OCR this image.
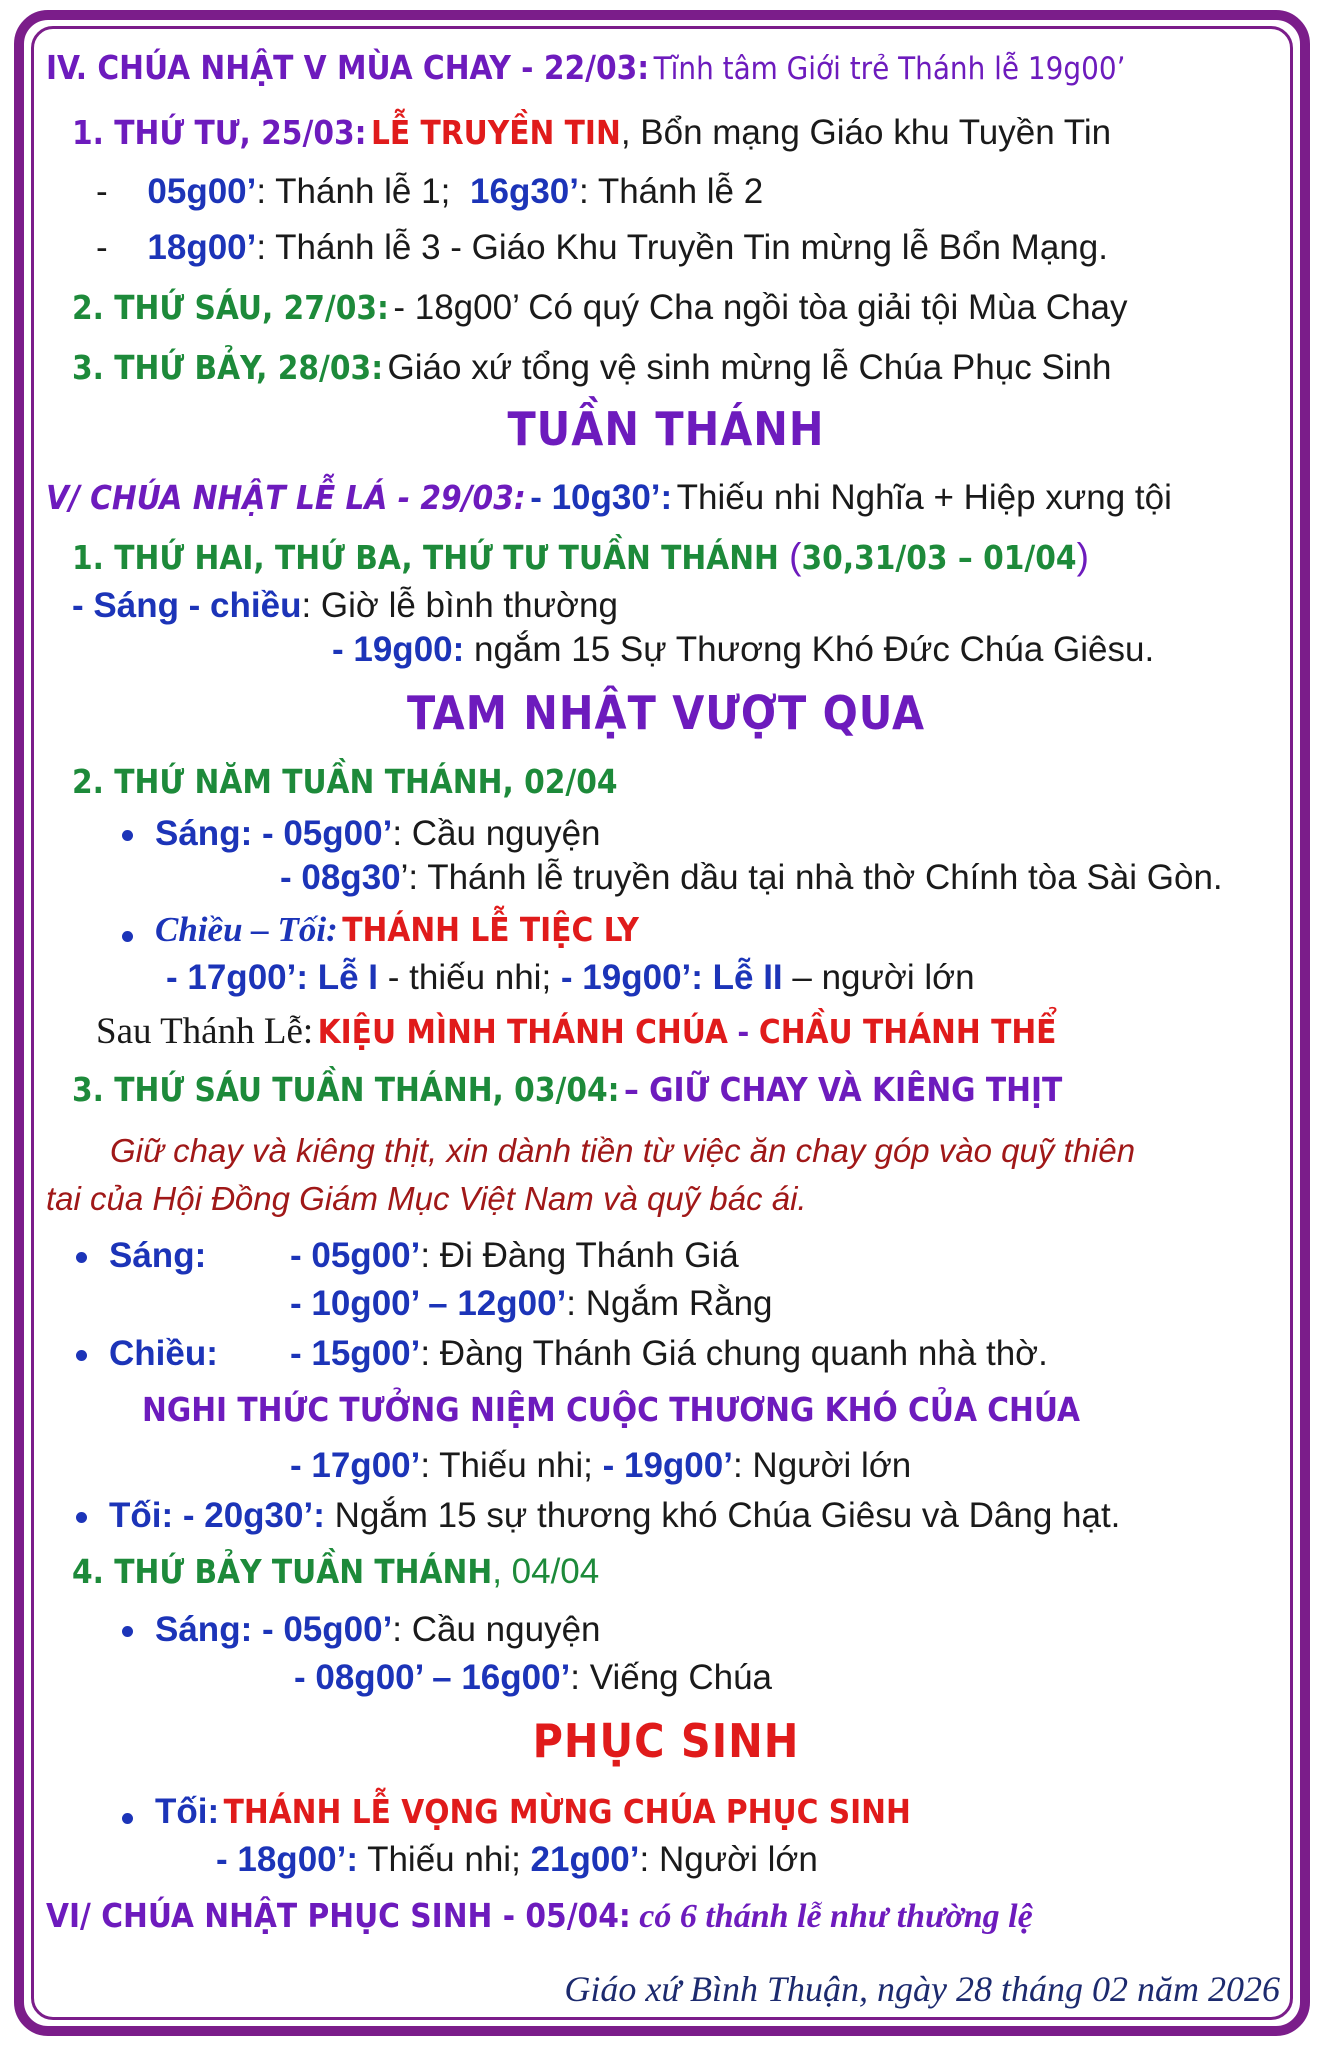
IV. CHÚA NHẬT V MÙA CHAY - 22/03: Tĩnh tâm Giới trẻ Thánh lễ 19g00’
1. THỨ TƯ, 25/03: LỄ TRUYỀN TIN, Bổn mạng Giáo khu Tuyền Tin
- 05g00’: Thánh lễ 1; 16g30’: Thánh lễ 2
- 18g00’: Thánh lễ 3 - Giáo Khu Truyền Tin mừng lễ Bổn Mạng.
2. THỨ SÁU, 27/03: - 18g00’ Có quý Cha ngồi tòa giải tội Mùa Chay
3. THỨ BẢY, 28/03: Giáo xứ tổng vệ sinh mừng lễ Chúa Phục Sinh
TUẦN THÁNH
V/ CHÚA NHẬT LỄ LÁ - 29/03: - 10g30’: Thiếu nhi Nghĩa + Hiệp xưng tội
1. THỨ HAI, THỨ BA, THỨ TƯ TUẦN THÁNH (30,31/03 – 01/04)
- Sáng - chiều: Giờ lễ bình thường
- 19g00: ngắm 15 Sự Thương Khó Đức Chúa Giêsu.
TAM NHẬT VƯỢT QUA
2. THỨ NĂM TUẦN THÁNH, 02/04
Sáng: - 05g00’: Cầu nguyện
- 08g30’: Thánh lễ truyền dầu tại nhà thờ Chính tòa Sài Gòn.
Chiều – Tối: THÁNH LỄ TIỆC LY
- 17g00’: Lễ I - thiếu nhi; - 19g00’: Lễ II – người lớn
Sau Thánh Lễ: KIỆU MÌNH THÁNH CHÚA - CHẦU THÁNH THỂ
3. THỨ SÁU TUẦN THÁNH, 03/04: – GIỮ CHAY VÀ KIÊNG THỊT
Giữ chay và kiêng thịt, xin dành tiền từ việc ăn chay góp vào quỹ thiên
tai của Hội Đồng Giám Mục Việt Nam và quỹ bác ái.
Sáng: - 05g00’: Đi Đàng Thánh Giá
- 10g00’ – 12g00’: Ngắm Rằng
Chiều: - 15g00’: Đàng Thánh Giá chung quanh nhà thờ.
NGHI THỨC TƯỞNG NIỆM CUỘC THƯƠNG KHÓ CỦA CHÚA
- 17g00’: Thiếu nhi; - 19g00’: Người lớn
Tối: - 20g30’: Ngắm 15 sự thương khó Chúa Giêsu và Dâng hạt.
4. THỨ BẢY TUẦN THÁNH, 04/04
Sáng: - 05g00’: Cầu nguyện
- 08g00’ – 16g00’: Viếng Chúa
PHỤC SINH
Tối: THÁNH LỄ VỌNG MỪNG CHÚA PHỤC SINH
- 18g00’: Thiếu nhi; 21g00’: Người lớn
VI/ CHÚA NHẬT PHỤC SINH - 05/04: có 6 thánh lễ như thường lệ
Giáo xứ Bình Thuận, ngày 28 tháng 02 năm 2026
